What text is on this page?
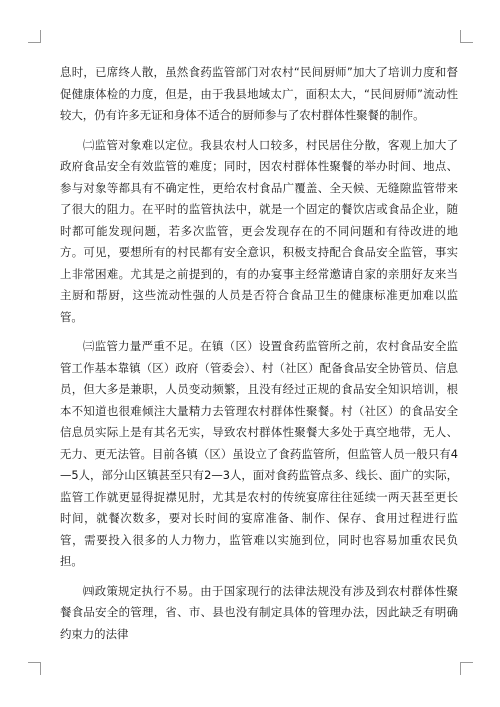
息时，已席终人散，虽然食药监管部门对农村“民间厨师”加大了培训力度和督促健康体检的力度，但是，由于我县地域太广，面积太大，“民间厨师”流动性较大，仍有许多无证和身体不适合的厨师参与了农村群体性聚餐的制作。

㈡监管对象难以定位。我县农村人口较多，村民居住分散，客观上加大了政府食品安全有效监管的难度；同时，因农村群体性聚餐的举办时间、地点、参与对象等都具有不确定性，更给农村食品广覆盖、全天候、无缝隙监管带来了很大的阻力。在平时的监管执法中，就是一个固定的餐饮店或食品企业，随时都可能发现问题，若多次监管，更会发现存在的不同问题和有待改进的地方。可见，要想所有的村民都有安全意识，积极支持配合食品安全监管，事实上非常困难。尤其是之前提到的，有的办宴事主经常邀请自家的亲朋好友来当主厨和帮厨，这些流动性强的人员是否符合食品卫生的健康标准更加难以监管。

㈢监管力量严重不足。在镇（区）设置食药监管所之前，农村食品安全监管工作基本靠镇（区）政府（管委会）、村（社区）配备食品安全协管员、信息员，但大多是兼职，人员变动频繁，且没有经过正规的食品安全知识培训，根本不知道也很难倾注大量精力去管理农村群体性聚餐。村（社区）的食品安全信息员实际上是有其名无实，导致农村群体性聚餐大多处于真空地带，无人、无力、更无法管。目前各镇（区）虽设立了食药监管所，但监管人员一般只有4—5人，部分山区镇甚至只有2—3人，面对食药监管点多、线长、面广的实际，监管工作就更显得捉襟见肘，尤其是农村的传统宴席往往延续一两天甚至更长时间，就餐次数多，要对长时间的宴席准备、制作、保存、食用过程进行监管，需要投入很多的人力物力，监管难以实施到位，同时也容易加重农民负担。

㈣政策规定执行不易。由于国家现行的法律法规没有涉及到农村群体性聚餐食品安全的管理，省、市、县也没有制定具体的管理办法，因此缺乏有明确约束力的法律
